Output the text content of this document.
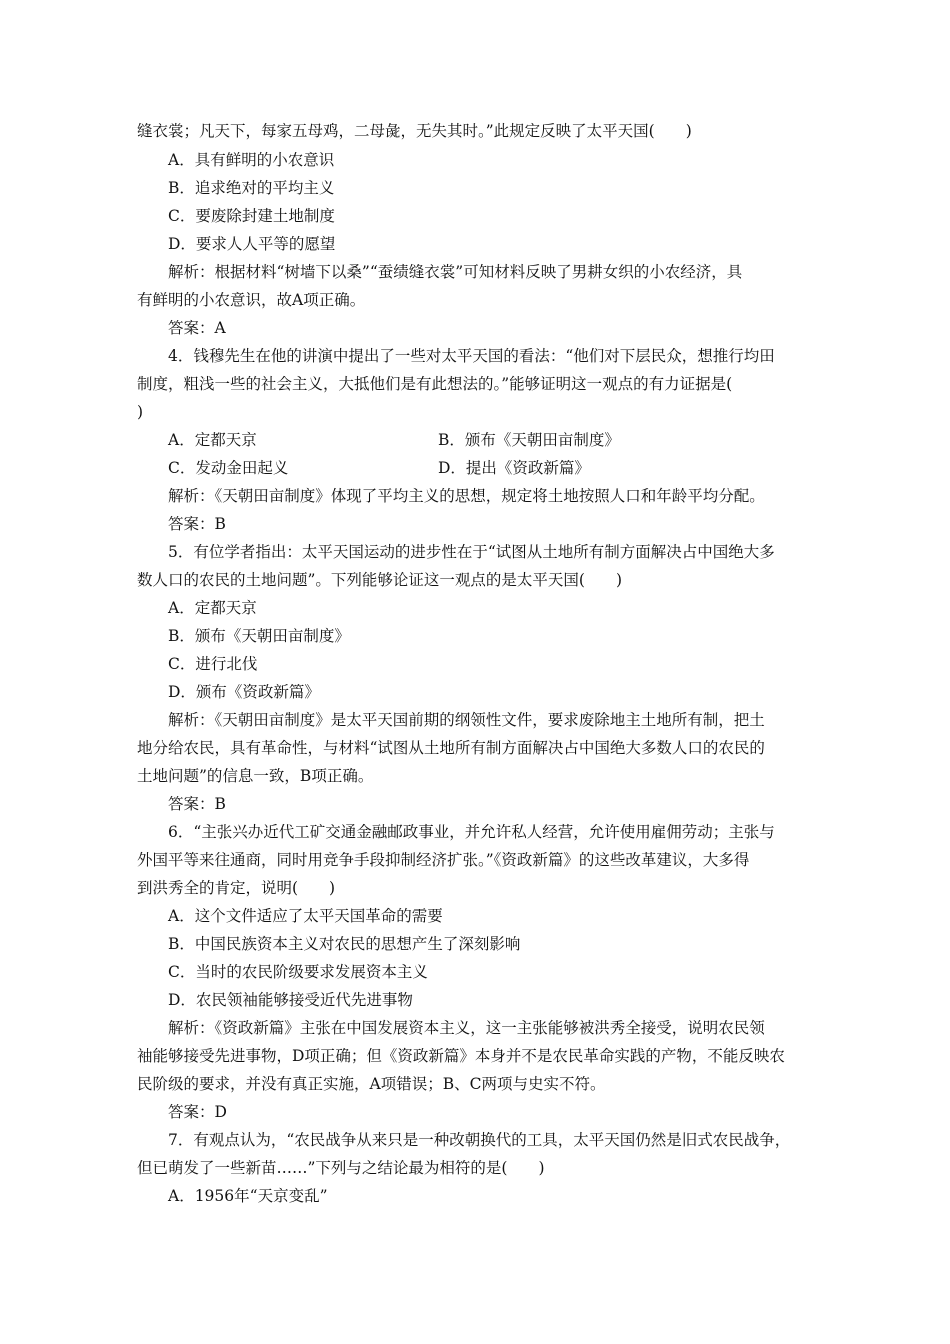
缝衣裳；凡天下，每家五母鸡，二母彘，无失其时。”此规定反映了太平天国(　　)
A．具有鲜明的小农意识
B．追求绝对的平均主义
C．要废除封建土地制度
D．要求人人平等的愿望
解析：根据材料“树墙下以桑”“蚕绩缝衣裳”可知材料反映了男耕女织的小农经济，具
有鲜明的小农意识，故A项正确。
答案：A
4．钱穆先生在他的讲演中提出了一些对太平天国的看法：“他们对下层民众，想推行均田
制度，粗浅一些的社会主义，大抵他们是有此想法的。”能够证明这一观点的有力证据是(
)
A．定都天京	B．颁布《天朝田亩制度》
C．发动金田起义	D．提出《资政新篇》
解析：《天朝田亩制度》体现了平均主义的思想，规定将土地按照人口和年龄平均分配。
答案：B
5．有位学者指出：太平天国运动的进步性在于“试图从土地所有制方面解决占中国绝大多
数人口的农民的土地问题”。下列能够论证这一观点的是太平天国(　　)
A．定都天京
B．颁布《天朝田亩制度》
C．进行北伐
D．颁布《资政新篇》
解析：《天朝田亩制度》是太平天国前期的纲领性文件，要求废除地主土地所有制，把土
地分给农民，具有革命性，与材料“试图从土地所有制方面解决占中国绝大多数人口的农民的
土地问题”的信息一致，B项正确。
答案：B
6．“主张兴办近代工矿交通金融邮政事业，并允许私人经营，允许使用雇佣劳动；主张与
外国平等来往通商，同时用竞争手段抑制经济扩张。”《资政新篇》的这些改革建议，大多得
到洪秀全的肯定，说明(　　)
A．这个文件适应了太平天国革命的需要
B．中国民族资本主义对农民的思想产生了深刻影响
C．当时的农民阶级要求发展资本主义
D．农民领袖能够接受近代先进事物
解析：《资政新篇》主张在中国发展资本主义，这一主张能够被洪秀全接受，说明农民领
袖能够接受先进事物，D项正确；但《资政新篇》本身并不是农民革命实践的产物，不能反映农
民阶级的要求，并没有真正实施，A项错误；B、C两项与史实不符。
答案：D
7．有观点认为，“农民战争从来只是一种改朝换代的工具，太平天国仍然是旧式农民战争，
但已萌发了一些新苗……”下列与之结论最为相符的是(　　)
A．1956年“天京变乱”
